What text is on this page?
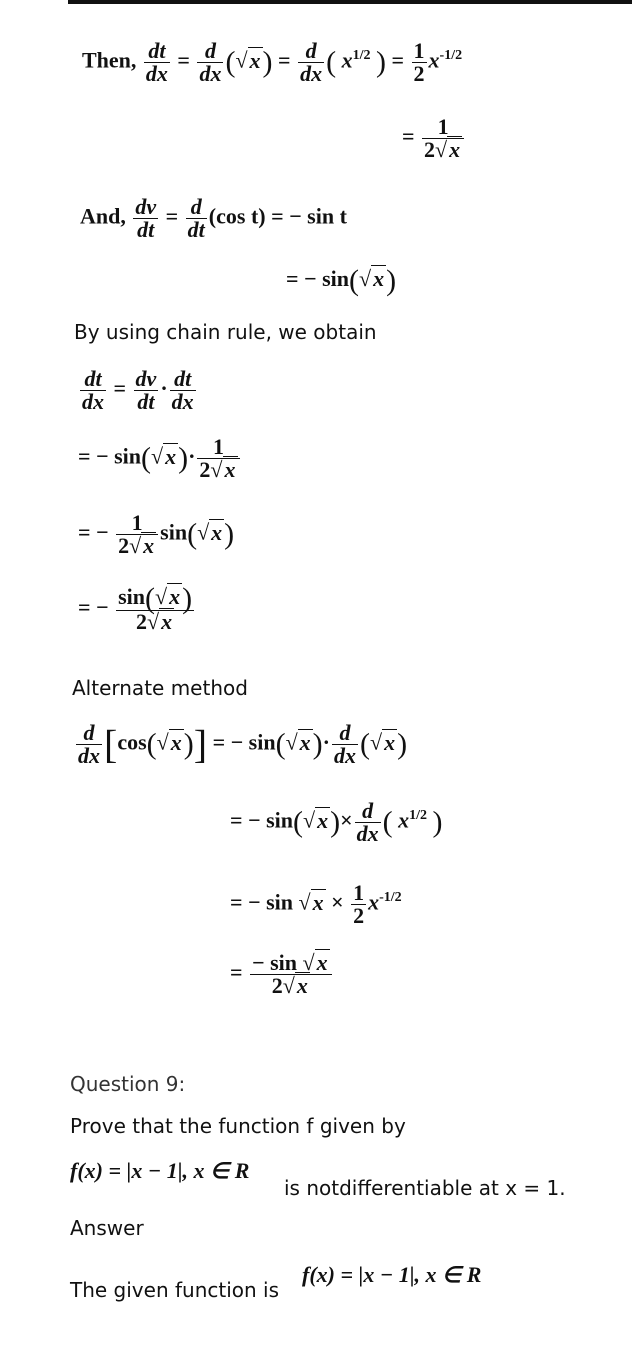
Then, $\frac{dt}{dx} = \frac{d}{dx} (√x) = \frac{d}{dx}$ ( $x^{1/2}$ ) = $\frac{1}{2} x^{-1/2}$
= $\frac{1}{2√x}$
And, $\frac{dv}{dt} = \frac{d}{dt} (\cos$ t) = − sin t
= − sin(√x)
By using chain rule, we obtain
$\frac{dt}{dx} = \frac{dv}{dt} \cdot \frac{dt}{dx}$
= − $\sin(√x)\cdot \frac{1}{2√x}$
= − $\frac{1}{2√x} \sin(√x)$
= − $\frac{\sin(√x)}{2√x}$
Alternate method
$\frac{d}{dx} [\cos(√x)]$ = − $\sin(√x)\cdot \frac{d}{dx} (√x)$
= − $\sin(√x)\times \frac{d}{dx}$ ( $x^{1/2}$ )
= − $\sin √x \times \frac{1}{2} x^{-1/2}$
= $\frac{- \sin √x}{2√x}$
Question 9:
Prove that the function f given by
f(x) = |x − 1|, x ∈ R
is notdifferentiable at x = 1.
Answer
The given function is
f(x) = |x − 1|, x ∈ R
